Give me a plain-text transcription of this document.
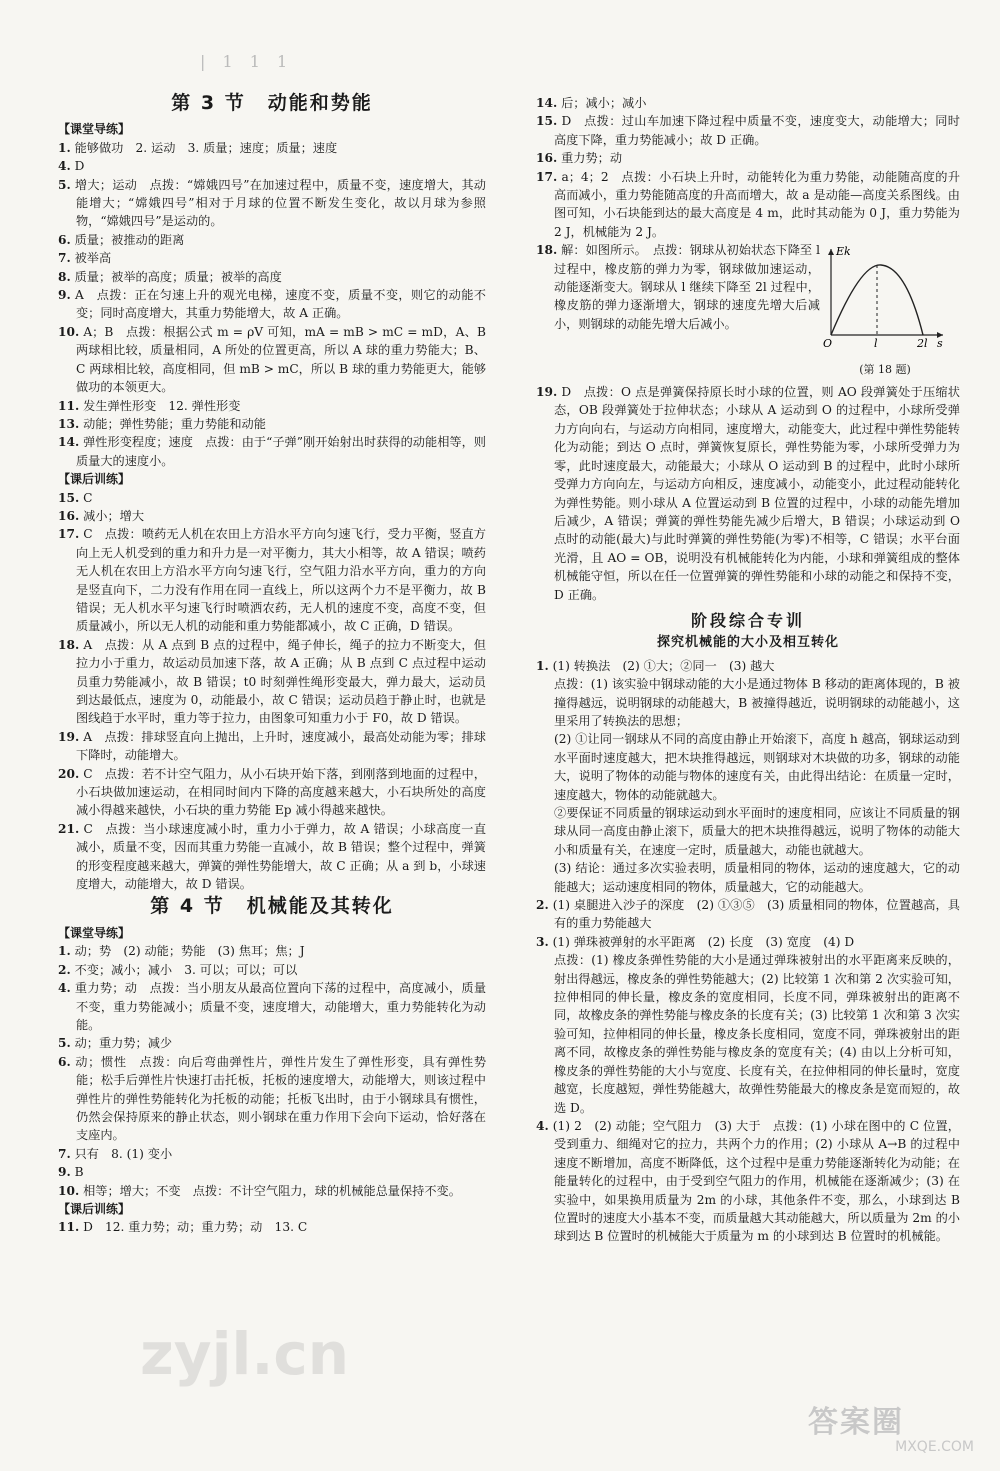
| 1 1 1
第 3 节 动能和势能
【课堂导练】
1. 能够做功　2. 运动　3. 质量；速度；质量；速度
4. D
5. 增大；运动　点拨：“嫦娥四号”在加速过程中，质量不变，速度增大，其动能增大；“嫦娥四号”相对于月球的位置不断发生变化，故以月球为参照物，“嫦娥四号”是运动的。
6. 质量；被推动的距离
7. 被举高
8. 质量；被举的高度；质量；被举的高度
9. A　点拨：正在匀速上升的观光电梯，速度不变，质量不变，则它的动能不变；同时高度增大，其重力势能增大，故 A 正确。
10. A；B　点拨：根据公式 m = ρV 可知，mA = mB > mC = mD，A、B 两球相比较，质量相同，A 所处的位置更高，所以 A 球的重力势能大；B、C 两球相比较，高度相同，但 mB > mC，所以 B 球的重力势能更大，能够做功的本领更大。
11. 发生弹性形变　12. 弹性形变
13. 动能；弹性势能；重力势能和动能
14. 弹性形变程度；速度　点拨：由于“子弹”刚开始射出时获得的动能相等，则质量大的速度小。
【课后训练】
15. C
16. 减小；增大
17. C　点拨：喷药无人机在农田上方沿水平方向匀速飞行，受力平衡，竖直方向上无人机受到的重力和升力是一对平衡力，其大小相等，故 A 错误；喷药无人机在农田上方沿水平方向匀速飞行，空气阻力沿水平方向，重力的方向是竖直向下，二力没有作用在同一直线上，所以这两个力不是平衡力，故 B 错误；无人机水平匀速飞行时喷洒农药，无人机的速度不变，高度不变，但质量减小，所以无人机的动能和重力势能都减小，故 C 正确，D 错误。
18. A　点拨：从 A 点到 B 点的过程中，绳子伸长，绳子的拉力不断变大，但拉力小于重力，故运动员加速下落，故 A 正确；从 B 点到 C 点过程中运动员重力势能减小，故 B 错误；t0 时刻弹性绳形变最大，弹力最大，运动员到达最低点，速度为 0，动能最小，故 C 错误；运动员趋于静止时，也就是图线趋于水平时，重力等于拉力，由图象可知重力小于 F0，故 D 错误。
19. A　点拨：排球竖直向上抛出，上升时，速度减小，最高处动能为零；排球下降时，动能增大。
20. C　点拨：若不计空气阻力，从小石块开始下落，到刚落到地面的过程中，小石块做加速运动，在相同时间内下降的高度越来越大，小石块所处的高度减小得越来越快，小石块的重力势能 Ep 减小得越来越快。
21. C　点拨：当小球速度减小时，重力小于弹力，故 A 错误；小球高度一直减小，质量不变，因而其重力势能一直减小，故 B 错误；整个过程中，弹簧的形变程度越来越大，弹簧的弹性势能增大，故 C 正确；从 a 到 b，小球速度增大，动能增大，故 D 错误。
第 4 节 机械能及其转化
【课堂导练】
1. 动；势　(2) 动能；势能　(3) 焦耳；焦；J
2. 不变；减小；减小　3. 可以；可以；可以
4. 重力势；动　点拨：当小朋友从最高位置向下荡的过程中，高度减小，质量不变，重力势能减小；质量不变，速度增大，动能增大，重力势能转化为动能。
5. 动；重力势；减少
6. 动；惯性　点拨：向后弯曲弹性片，弹性片发生了弹性形变，具有弹性势能；松手后弹性片快速打击托板，托板的速度增大，动能增大，则该过程中弹性片的弹性势能转化为托板的动能；托板飞出时，由于小钢球具有惯性，仍然会保持原来的静止状态，则小钢球在重力作用下会向下运动，恰好落在支座内。
7. 只有　8. (1) 变小
9. B
10. 相等；增大；不变　点拨：不计空气阻力，球的机械能总量保持不变。
【课后训练】
11. D　12. 重力势；动；重力势；动　13. C
14. 后；减小；减小
15. D　点拨：过山车加速下降过程中质量不变，速度变大，动能增大；同时高度下降，重力势能减小；故 D 正确。
16. 重力势；动
17. a；4；2　点拨：小石块上升时，动能转化为重力势能，动能随高度的升高而减小，重力势能随高度的升高而增大，故 a 是动能—高度关系图线。由图可知，小石块能到达的最大高度是 4 m，此时其动能为 0 J，重力势能为 2 J，机械能为 2 J。
Ek
O	l	2l s
(第 18 题)
18. 解：如图所示。　点拨：钢球从初始状态下降至 l 过程中，橡皮筋的弹力为零，钢球做加速运动，动能逐渐变大。钢球从 l 继续下降至 2l 过程中，橡皮筋的弹力逐渐增大，钢球的速度先增大后减小，则钢球的动能先增大后减小。
19. D　点拨：O 点是弹簧保持原长时小球的位置，则 AO 段弹簧处于压缩状态，OB 段弹簧处于拉伸状态；小球从 A 运动到 O 的过程中，小球所受弹力方向向右，与运动方向相同，速度增大，动能变大，此过程中弹性势能转化为动能；到达 O 点时，弹簧恢复原长，弹性势能为零，小球所受弹力为零，此时速度最大，动能最大；小球从 O 运动到 B 的过程中，此时小球所受弹力方向向左，与运动方向相反，速度减小，动能变小，此过程动能转化为弹性势能。则小球从 A 位置运动到 B 位置的过程中，小球的动能先增加后减少，A 错误；弹簧的弹性势能先减少后增大，B 错误；小球运动到 O 点时的动能(最大)与此时弹簧的弹性势能(为零)不相等，C 错误；水平台面光滑，且 AO = OB，说明没有机械能转化为内能，小球和弹簧组成的整体机械能守恒，所以在任一位置弹簧的弹性势能和小球的动能之和保持不变，D 正确。
阶段综合专训
探究机械能的大小及相互转化
1. (1) 转换法　(2) ①大；②同一　(3) 越大
点拨：(1) 该实验中钢球动能的大小是通过物体 B 移动的距离体现的，B 被撞得越远，说明钢球的动能越大，B 被撞得越近，说明钢球的动能越小，这里采用了转换法的思想；
(2) ①让同一钢球从不同的高度由静止开始滚下，高度 h 越高，钢球运动到水平面时速度越大，把木块推得越远，则钢球对木块做的功多，钢球的动能大，说明了物体的动能与物体的速度有关，由此得出结论：在质量一定时，速度越大，物体的动能就越大。
②要保证不同质量的钢球运动到水平面时的速度相同，应该让不同质量的钢球从同一高度由静止滚下，质量大的把木块推得越远，说明了物体的动能大小和质量有关，在速度一定时，质量越大，动能也就越大。
(3) 结论：通过多次实验表明，质量相同的物体，运动的速度越大，它的动能越大；运动速度相同的物体，质量越大，它的动能越大。
2. (1) 桌腿进入沙子的深度　(2) ①③⑤　(3) 质量相同的物体，位置越高，具有的重力势能越大
3. (1) 弹珠被弹射的水平距离　(2) 长度　(3) 宽度　(4) D
点拨：(1) 橡皮条弹性势能的大小是通过弹珠被射出的水平距离来反映的，射出得越远，橡皮条的弹性势能越大；(2) 比较第 1 次和第 2 次实验可知，拉伸相同的伸长量，橡皮条的宽度相同，长度不同，弹珠被射出的距离不同，故橡皮条的弹性势能与橡皮条的长度有关；(3) 比较第 1 次和第 3 次实验可知，拉伸相同的伸长量，橡皮条长度相同，宽度不同，弹珠被射出的距离不同，故橡皮条的弹性势能与橡皮条的宽度有关；(4) 由以上分析可知，橡皮条的弹性势能的大小与宽度、长度有关，在拉伸相同的伸长量时，宽度越宽，长度越短，弹性势能越大，故弹性势能最大的橡皮条是宽而短的，故选 D。
4. (1) 2　(2) 动能；空气阻力　(3) 大于　点拨：(1) 小球在图中的 C 位置，受到重力、细绳对它的拉力，共两个力的作用；(2) 小球从 A→B 的过程中速度不断增加，高度不断降低，这个过程中是重力势能逐渐转化为动能；在能量转化的过程中，由于受到空气阻力的作用，机械能在逐渐减少；(3) 在实验中，如果换用质量为 2m 的小球，其他条件不变，那么，小球到达 B 位置时的速度大小基本不变，而质量越大其动能越大，所以质量为 2m 的小球到达 B 位置时的机械能大于质量为 m 的小球到达 B 位置时的机械能。
zyjl.cn
答案圈
MXQE.COM
